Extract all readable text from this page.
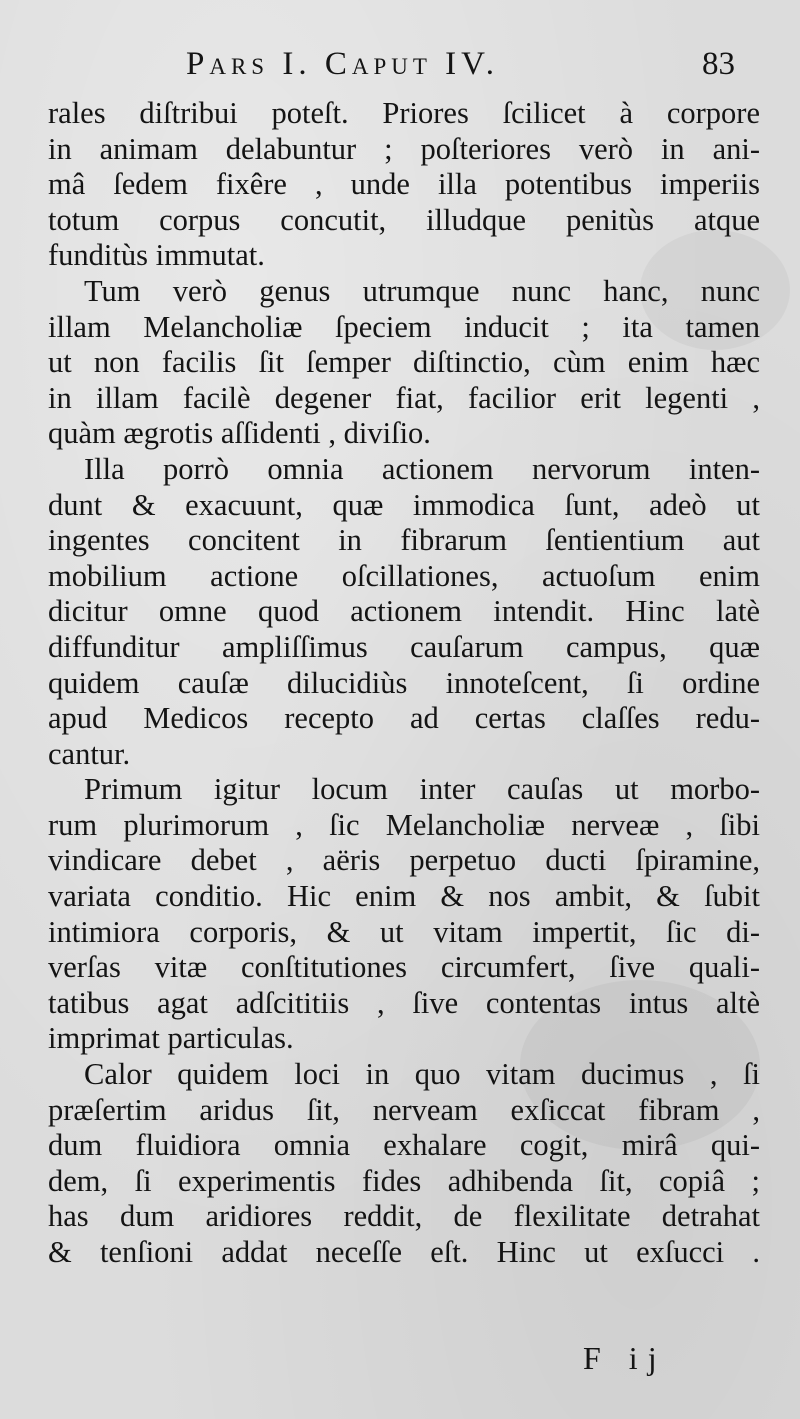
Pars I. Caput IV.	83
rales diſtribui poteſt. Priores ſcilicet à corpore
in animam delabuntur ; poſteriores verò in ani-
mâ ſedem fixêre , unde illa potentibus imperiis
totum corpus concutit, illudque penitùs atque
funditùs immutat.
Tum verò genus utrumque nunc hanc, nunc
illam Melancholiæ ſpeciem inducit ; ita tamen
ut non facilis ſit ſemper diſtinctio, cùm enim hæc
in illam facilè degener fiat, facilior erit legenti ,
quàm ægrotis aſſidenti , diviſio.
Illa porrò omnia actionem nervorum inten-
dunt & exacuunt, quæ immodica ſunt, adeò ut
ingentes concitent in fibrarum ſentientium aut
mobilium actione oſcillationes, actuoſum enim
dicitur omne quod actionem intendit. Hinc latè
diffunditur ampliſſimus cauſarum campus, quæ
quidem cauſæ dilucidiùs innoteſcent, ſi ordine
apud Medicos recepto ad certas claſſes redu-
cantur.
Primum igitur locum inter cauſas ut morbo-
rum plurimorum , ſic Melancholiæ nerveæ , ſibi
vindicare debet , aëris perpetuo ducti ſpiramine,
variata conditio. Hic enim & nos ambit, & ſubit
intimiora corporis, & ut vitam impertit, ſic di-
verſas vitæ conſtitutiones circumfert, ſive quali-
tatibus agat adſcititiis , ſive contentas intus altè
imprimat particulas.
Calor quidem loci in quo vitam ducimus , ſi
præſertim aridus ſit, nerveam exſiccat fibram ,
dum fluidiora omnia exhalare cogit, mirâ qui-
dem, ſi experimentis fides adhibenda ſit, copiâ ;
has dum aridiores reddit, de flexilitate detrahat
& tenſioni addat neceſſe eſt. Hinc ut exſucci .
F ij
